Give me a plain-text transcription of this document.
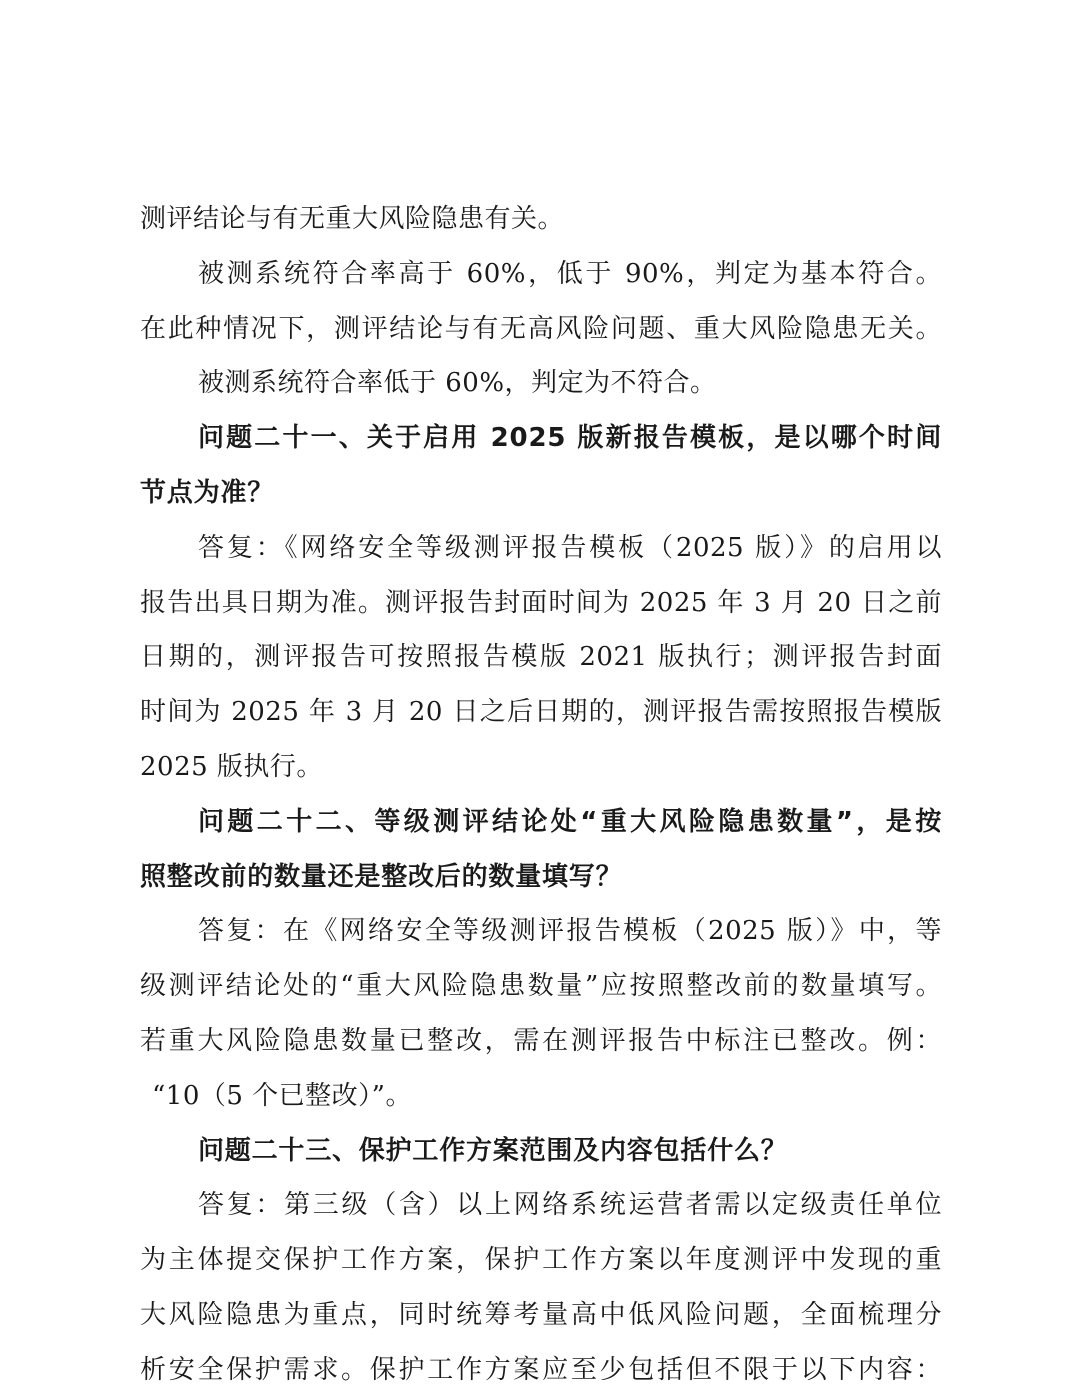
测评结论与有无重大风险隐患有关。
被测系统符合率高于 60%，低于 90%，判定为基本符合。
在此种情况下，测评结论与有无高风险问题、重大风险隐患无关。
被测系统符合率低于 60%，判定为不符合。
问题二十一、关于启用 2025 版新报告模板，是以哪个时间
节点为准？
答复：《网络安全等级测评报告模板（2025 版）》的启用以
报告出具日期为准。测评报告封面时间为 2025 年 3 月 20 日之前
日期的，测评报告可按照报告模版 2021 版执行；测评报告封面
时间为 2025 年 3 月 20 日之后日期的，测评报告需按照报告模版
2025 版执行。
问题二十二、等级测评结论处“重大风险隐患数量”，是按
照整改前的数量还是整改后的数量填写？
答复：在《网络安全等级测评报告模板（2025 版）》中，等
级测评结论处的“重大风险隐患数量”应按照整改前的数量填写。
若重大风险隐患数量已整改，需在测评报告中标注已整改。例：
“10（5 个已整改）”。
问题二十三、保护工作方案范围及内容包括什么？
答复：第三级（含）以上网络系统运营者需以定级责任单位
为主体提交保护工作方案，保护工作方案以年度测评中发现的重
大风险隐患为重点，同时统筹考量高中低风险问题，全面梳理分
析安全保护需求。保护工作方案应至少包括但不限于以下内容：
